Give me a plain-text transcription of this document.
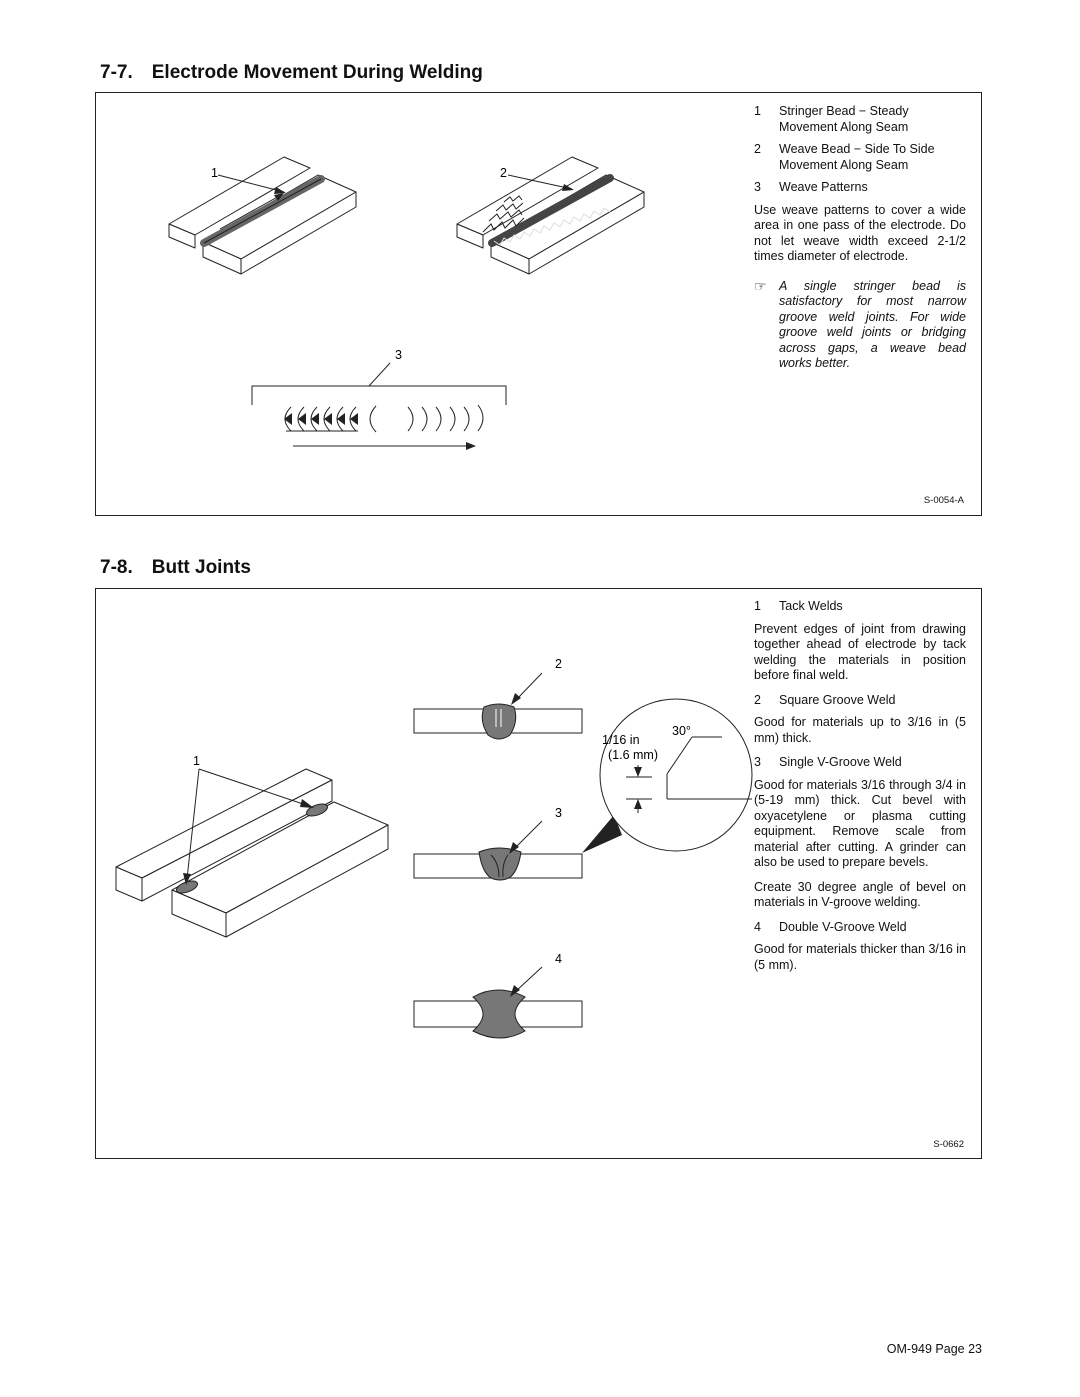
7-7. Electrode Movement During Welding
1	2
3
1	Stringer Bead − Steady Movement Along Seam
2	Weave Bead − Side To Side Movement Along Seam
3	Weave Patterns

Use weave patterns to cover a wide area in one pass of the electrode. Do not let weave width exceed 2-1/2 times diameter of electrode.

☞ A single stringer bead is satisfactory for most narrow groove weld joints. For wide groove weld joints or bridging across gaps, a weave bead works better.
S-0054-A
7-8. Butt Joints
1
2
3
1/16 in
(1.6 mm)
30°
4
1	Tack Welds

Prevent edges of joint from drawing together ahead of electrode by tack welding the materials in position before final weld.

2	Square Groove Weld

Good for materials up to 3/16 in (5 mm) thick.

3	Single V-Groove Weld

Good for materials 3/16 through 3/4 in (5-19 mm) thick. Cut bevel with oxyacetylene or plasma cutting equipment. Remove scale from material after cutting. A grinder can also be used to prepare bevels.

Create 30 degree angle of bevel on materials in V-groove welding.

4	Double V-Groove Weld

Good for materials thicker than 3/16 in (5 mm).

S-0662
OM-949 Page 23
